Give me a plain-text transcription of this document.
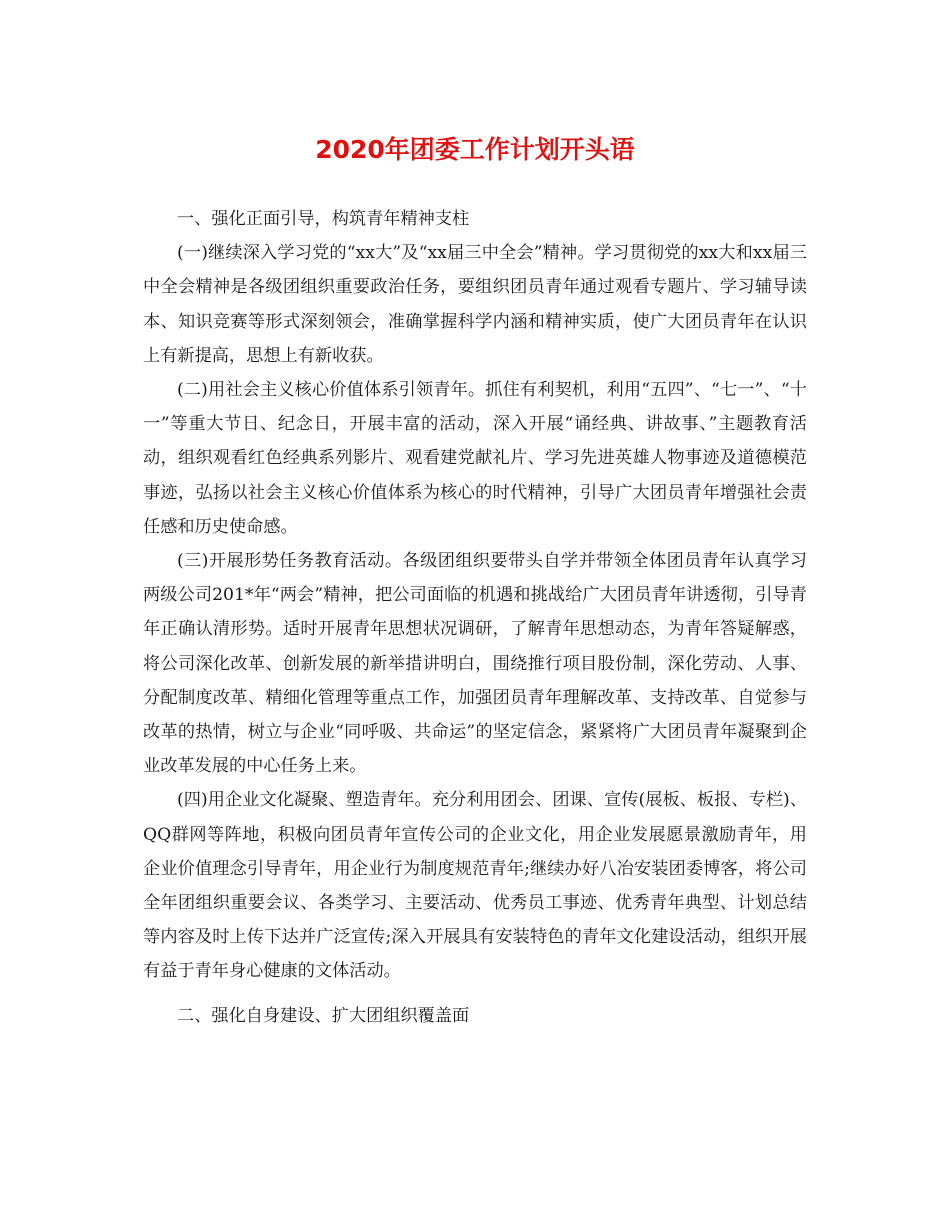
2020年团委工作计划开头语

一、强化正面引导，构筑青年精神支柱

(一)继续深入学习党的“xx大”及“xx届三中全会”精神。学习贯彻党的xx大和xx届三中全会精神是各级团组织重要政治任务，要组织团员青年通过观看专题片、学习辅导读本、知识竞赛等形式深刻领会，准确掌握科学内涵和精神实质，使广大团员青年在认识上有新提高，思想上有新收获。

(二)用社会主义核心价值体系引领青年。抓住有利契机，利用“五四”、“七一”、“十一”等重大节日、纪念日，开展丰富的活动，深入开展“诵经典、讲故事、”主题教育活动，组织观看红色经典系列影片、观看建党献礼片、学习先进英雄人物事迹及道德模范事迹，弘扬以社会主义核心价值体系为核心的时代精神，引导广大团员青年增强社会责任感和历史使命感。

(三)开展形势任务教育活动。各级团组织要带头自学并带领全体团员青年认真学习两级公司201*年“两会”精神，把公司面临的机遇和挑战给广大团员青年讲透彻，引导青年正确认清形势。适时开展青年思想状况调研，了解青年思想动态，为青年答疑解惑，将公司深化改革、创新发展的新举措讲明白，围绕推行项目股份制，深化劳动、人事、分配制度改革、精细化管理等重点工作，加强团员青年理解改革、支持改革、自觉参与改革的热情，树立与企业“同呼吸、共命运”的坚定信念，紧紧将广大团员青年凝聚到企业改革发展的中心任务上来。

(四)用企业文化凝聚、塑造青年。充分利用团会、团课、宣传(展板、板报、专栏)、QQ群网等阵地，积极向团员青年宣传公司的企业文化，用企业发展愿景激励青年，用企业价值理念引导青年，用企业行为制度规范青年;继续办好八冶安装团委博客，将公司全年团组织重要会议、各类学习、主要活动、优秀员工事迹、优秀青年典型、计划总结等内容及时上传下达并广泛宣传;深入开展具有安装特色的青年文化建设活动，组织开展有益于青年身心健康的文体活动。

二、强化自身建设、扩大团组织覆盖面
